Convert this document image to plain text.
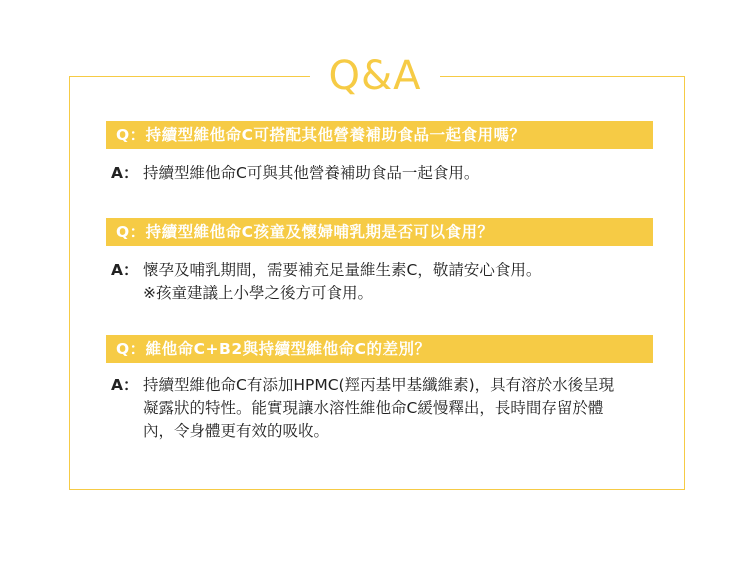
Q&A
Q：持續型維他命C可搭配其他營養補助食品一起食用嗎？
A： 持續型維他命C可與其他營養補助食品一起食用。
Q：持續型維他命C孩童及懷婦哺乳期是否可以食用？
A： 懷孕及哺乳期間，需要補充足量維生素C，敬請安心食用。
※孩童建議上小學之後方可食用。
Q：維他命C+B2與持續型維他命C的差別？
A： 持續型維他命C有添加HPMC(羥丙基甲基纖維素)，具有溶於水後呈現
凝露狀的特性。能實現讓水溶性維他命C緩慢釋出，長時間存留於體
內，令身體更有效的吸收。
